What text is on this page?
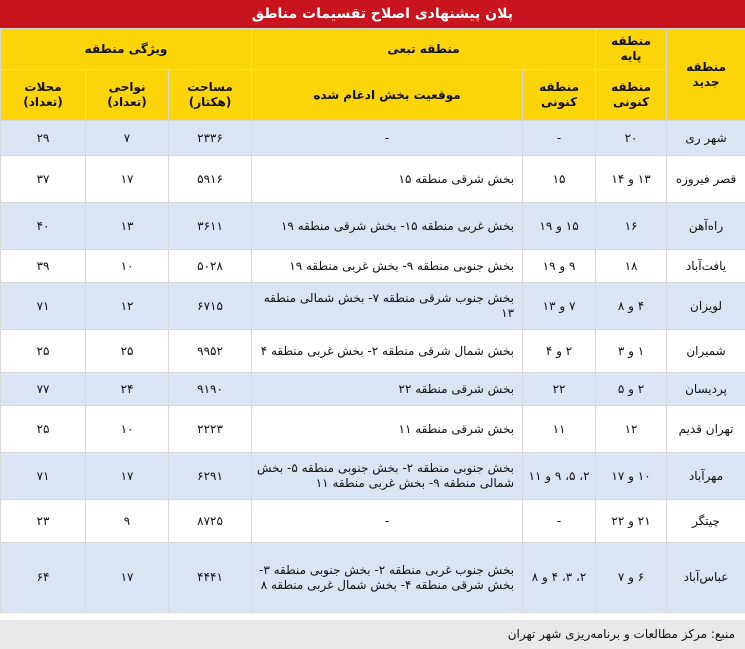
پلان پیشنهادی اصلاح تقسیمات مناطق
منطقه جدید	منطقه پایه	منطقه تبعی		ویژگی منطقه		
	منطقه کنونی	منطقه کنونی	موقعیت بخش ادغام شده	مساحت (هکتار)	نواحی (تعداد)	محلات (تعداد)
شهر ری	۲۰	-	-	۲۳۳۶	۷	۲۹
قصر فیروزه	۱۳ و ۱۴	۱۵	بخش شرقی منطقه ۱۵	۵۹۱۶	۱۷	۳۷
راه‌آهن	۱۶	۱۵ و ۱۹	بخش غربی منطقه ۱۵- بخش شرقی منطقه ۱۹	۳۶۱۱	۱۳	۴۰
یافت‌آباد	۱۸	۹ و ۱۹	بخش جنوبی منطقه ۹- بخش غربی منطقه ۱۹	۵۰۲۸	۱۰	۳۹
لویزان	۴ و ۸	۷ و ۱۳	بخش جنوب شرقی منطقه ۷- بخش شمالی منطقه ۱۳	۶۷۱۵	۱۲	۷۱
شمیران	۱ و ۳	۲ و ۴	بخش شمال شرقی منطقه ۲- بخش غربی منطقه ۴	۹۹۵۲	۲۵	۲۵
پردیسان	۲ و ۵	۲۲	بخش شرقی منطقه ۲۲	۹۱۹۰	۲۴	۷۷
تهران قدیم	۱۲	۱۱	بخش شرقی منطقه ۱۱	۲۲۲۳	۱۰	۲۵
مهرآباد	۱۰ و ۱۷	۲، ۵، ۹ و ۱۱	بخش جنوبی منطقه ۲- بخش جنوبی منطقه ۵- بخش شمالی منطقه ۹- بخش غربی منطقه ۱۱	۶۲۹۱	۱۷	۷۱
چیتگر	۲۱ و ۲۲	-	-	۸۷۲۵	۹	۲۳
عباس‌آباد	۶ و ۷	۲، ۳، ۴ و ۸	بخش جنوب غربی منطقه ۲- بخش جنوبی منطقه ۳- بخش شرقی منطقه ۴- بخش شمال غربی منطقه ۸	۴۴۴۱	۱۷	۶۴
منبع: مرکز مطالعات و برنامه‌ریزی شهر تهران
